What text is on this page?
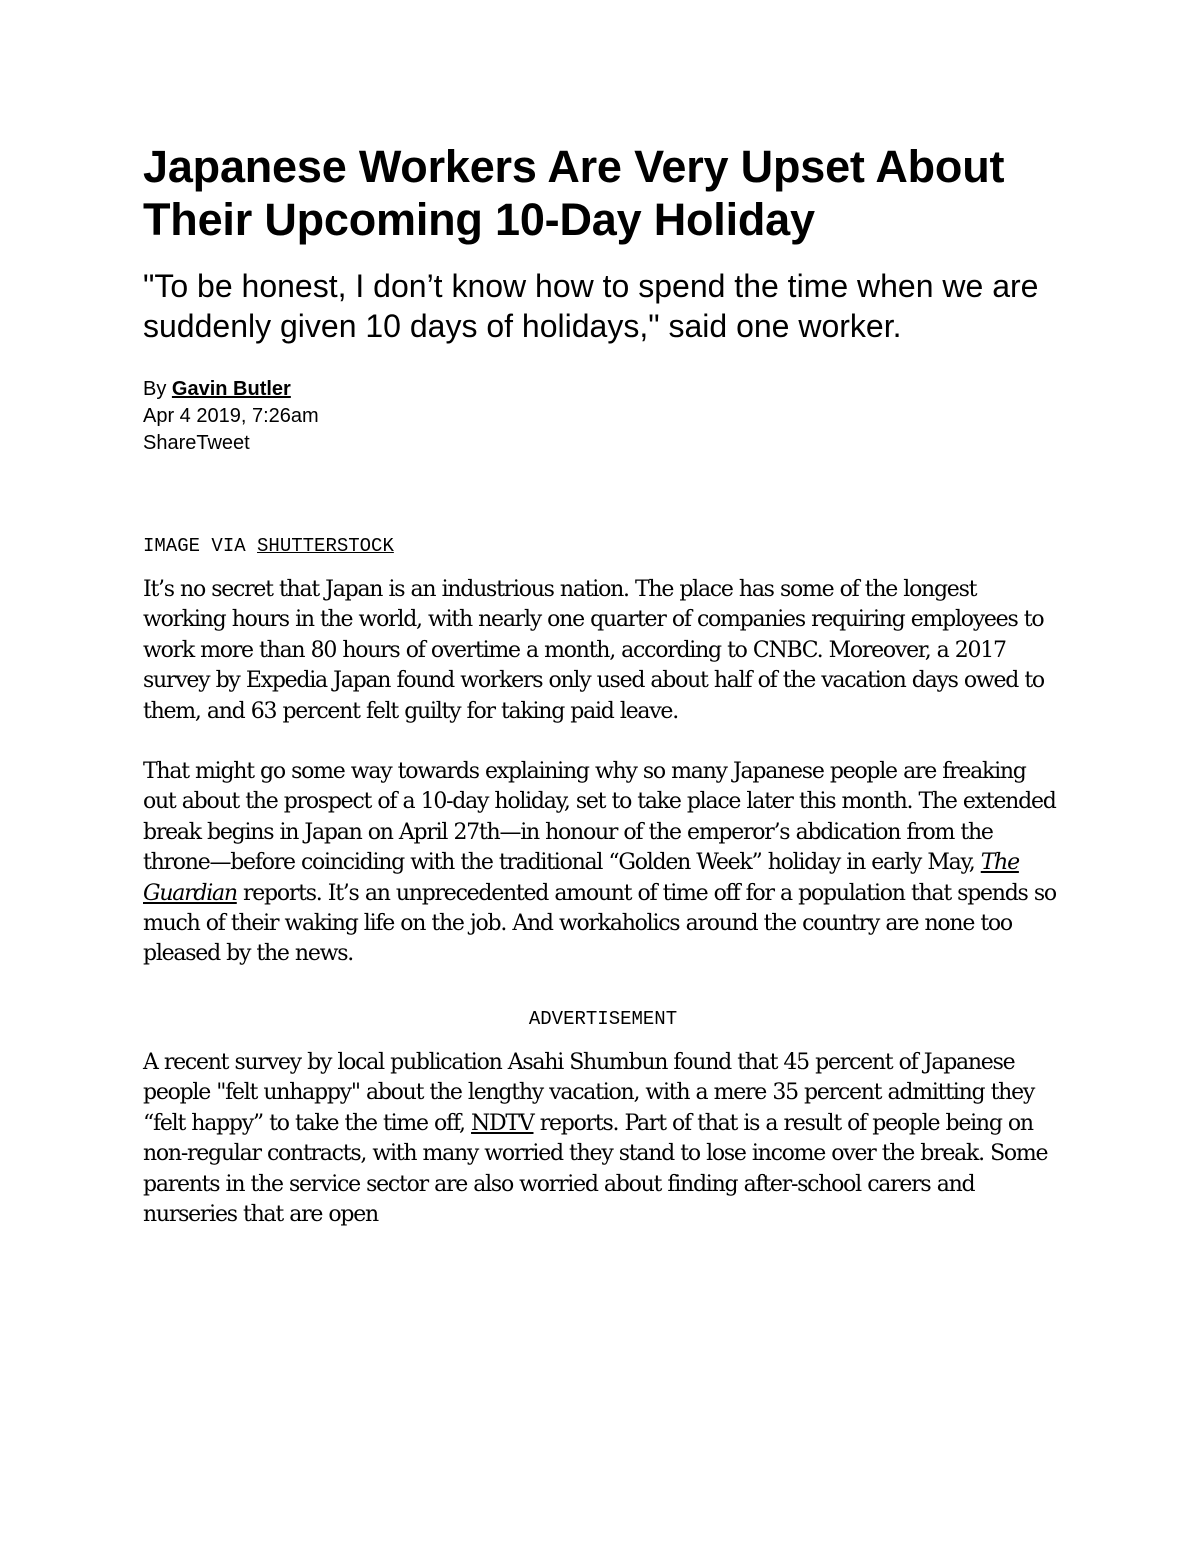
Japanese Workers Are Very Upset About
Their Upcoming 10-Day Holiday

"To be honest, I don’t know how to spend the time when we are suddenly given 10 days of holidays," said one worker.

By Gavin Butler
Apr 4 2019, 7:26am
ShareTweet
IMAGE VIA SHUTTERSTOCK

It’s no secret that Japan is an industrious nation. The place has some of the longest working hours in the world, with nearly one quarter of companies requiring employees to work more than 80 hours of overtime a month, according to CNBC. Moreover, a 2017 survey by Expedia Japan found workers only used about half of the vacation days owed to them, and 63 percent felt guilty for taking paid leave.

That might go some way towards explaining why so many Japanese people are freaking out about the prospect of a 10-day holiday, set to take place later this month. The extended break begins in Japan on April 27th—in honour of the emperor’s abdication from the throne—before coinciding with the traditional “Golden Week” holiday in early May, The Guardian reports. It’s an unprecedented amount of time off for a population that spends so much of their waking life on the job. And workaholics around the country are none too pleased by the news.

ADVERTISEMENT

A recent survey by local publication Asahi Shumbun found that 45 percent of Japanese people "felt unhappy" about the lengthy vacation, with a mere 35 percent admitting they “felt happy” to take the time off, NDTV reports. Part of that is a result of people being on non-regular contracts, with many worried they stand to lose income over the break. Some parents in the service sector are also worried about finding after-school carers and nurseries that are open
